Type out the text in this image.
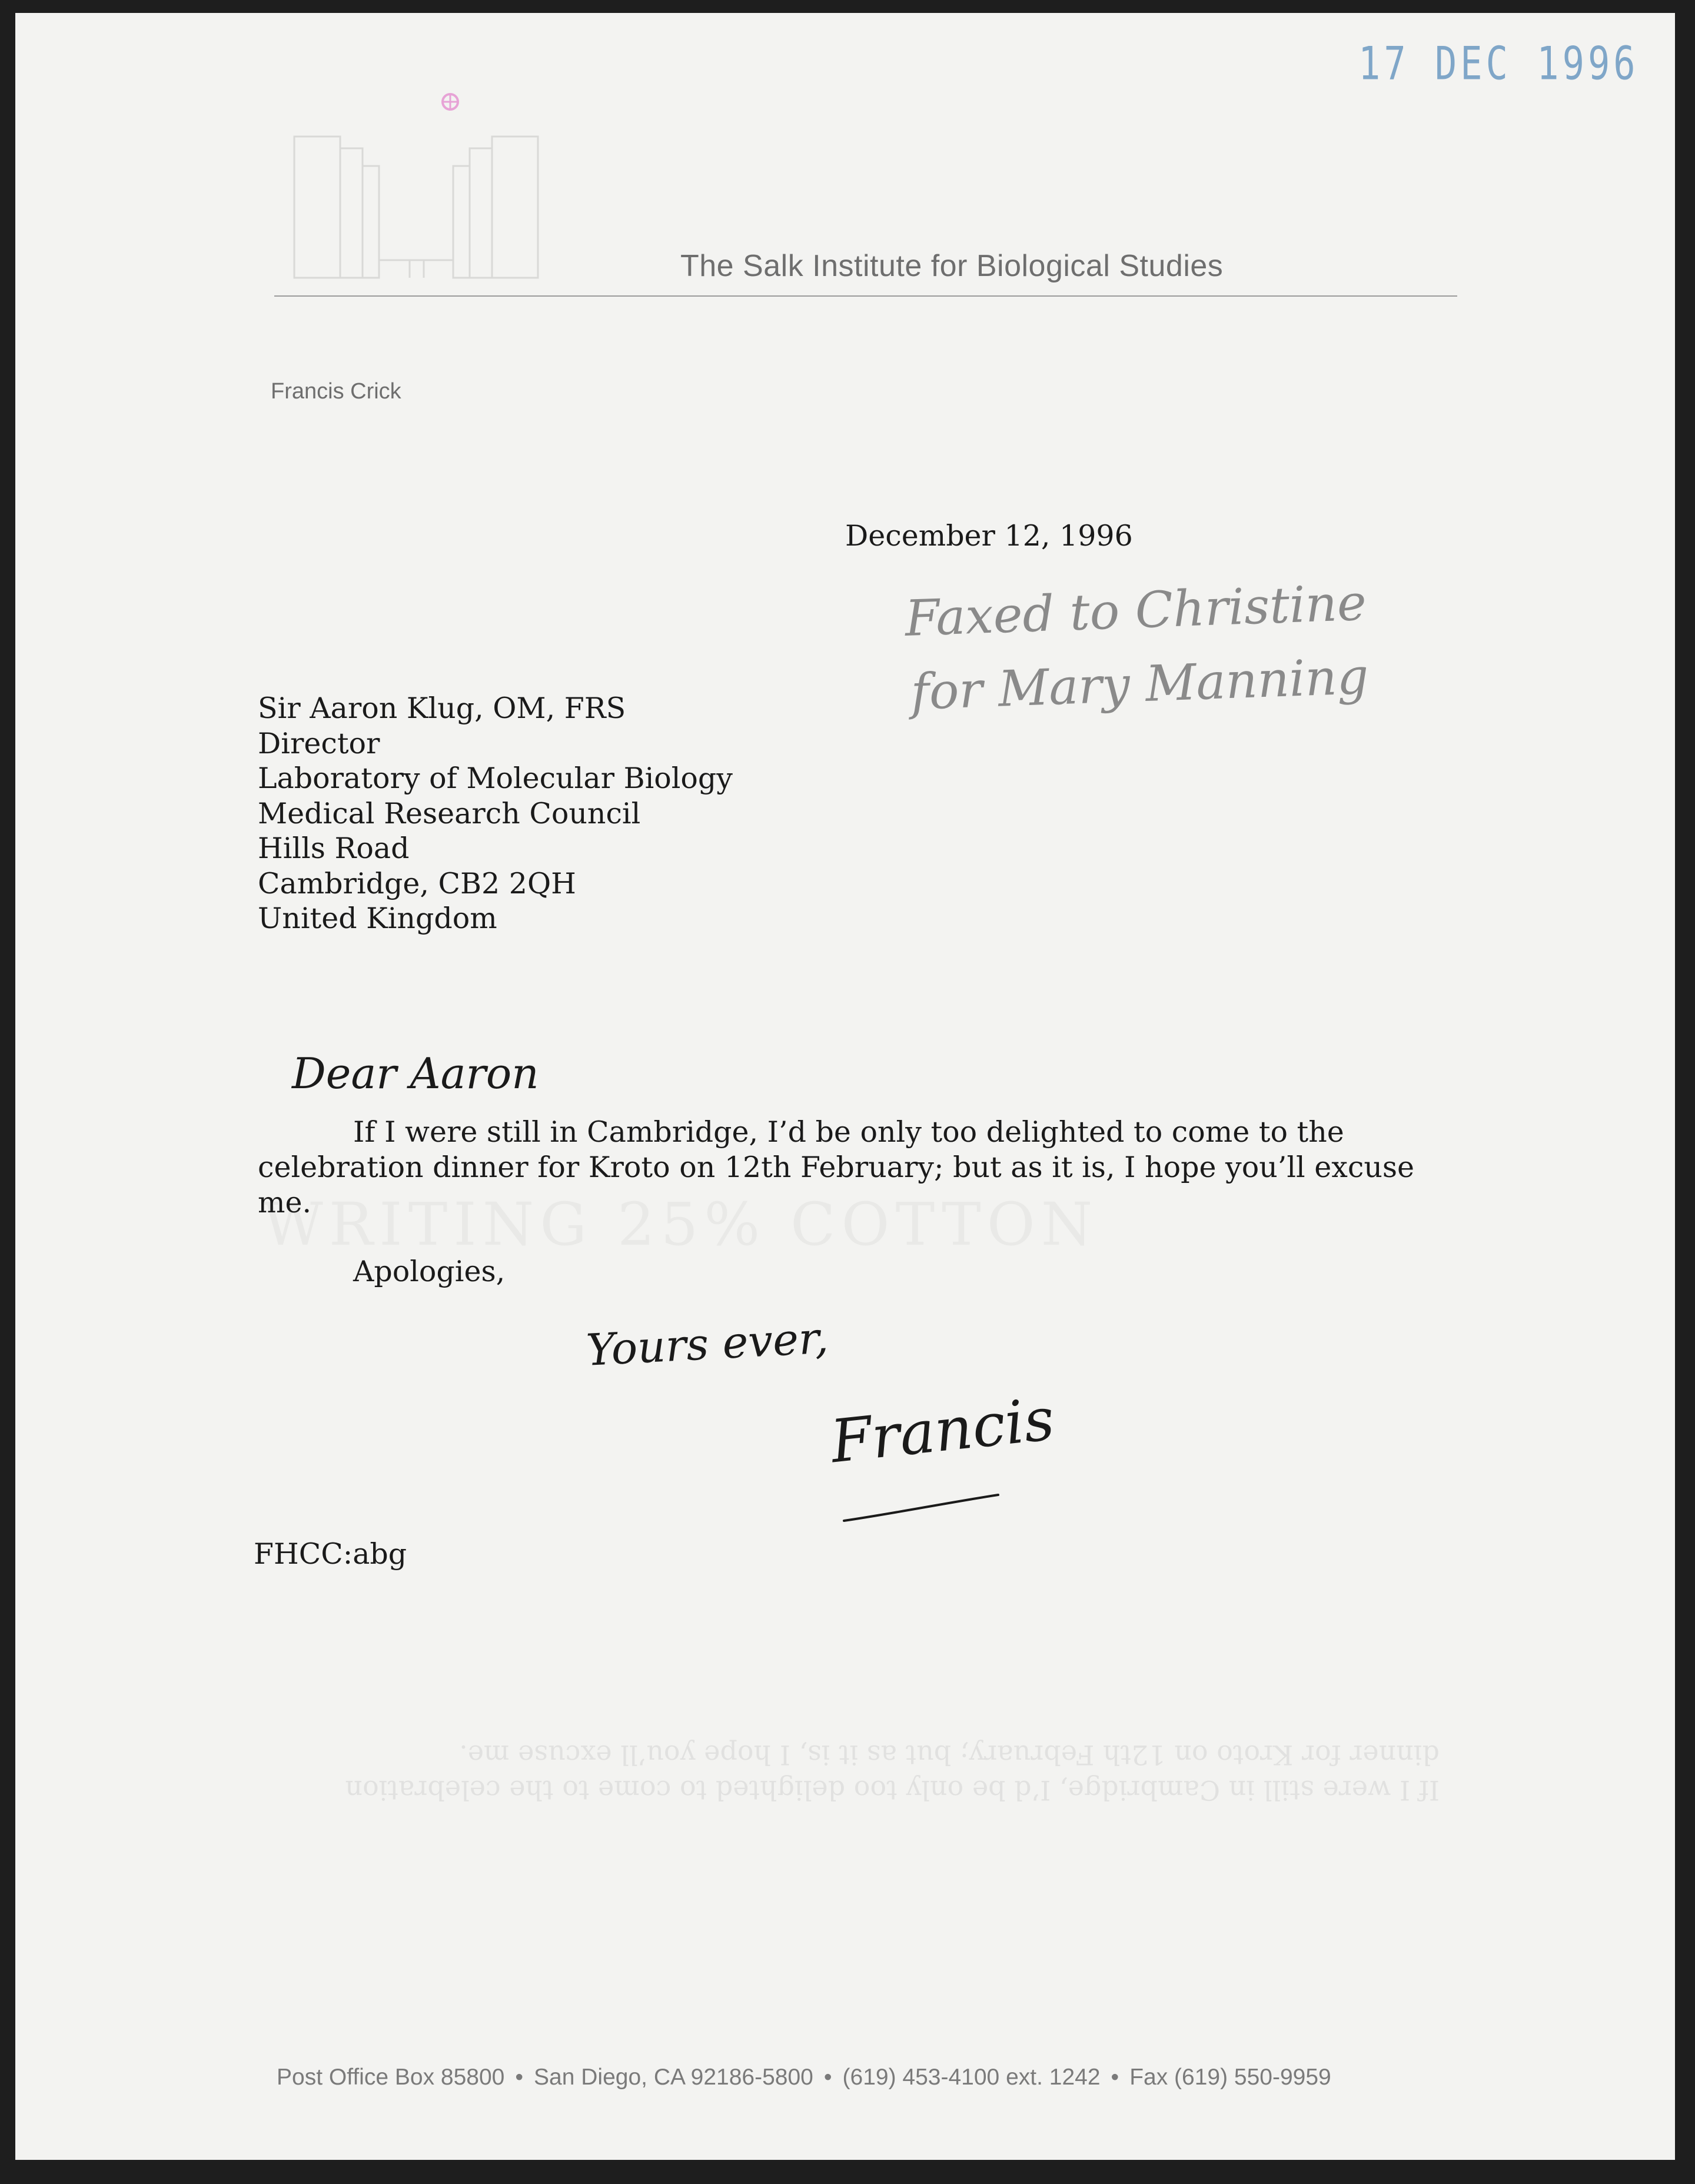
17 DEC 1996
The Salk Institute for Biological Studies
Francis Crick
December 12, 1996
Faxed to Christine
for Mary Manning
Sir Aaron Klug, OM, FRS
Director
Laboratory of Molecular Biology
Medical Research Council
Hills Road
Cambridge, CB2 2QH
United Kingdom
Dear Aaron
If I were still in Cambridge, I’d be only too delighted to come to the celebration dinner for Kroto on 12th February; but as it is, I hope you’ll excuse me.
Apologies,
Yours ever,
Francis
FHCC:abg
If I were still in Cambridge, I’d be only too delighted to come to the celebration dinner for Kroto on 12th February; but as it is, I hope you’ll excuse me.
Post Office Box 85800 • San Diego, CA 92186-5800 • (619) 453-4100 ext. 1242 • Fax (619) 550-9959
